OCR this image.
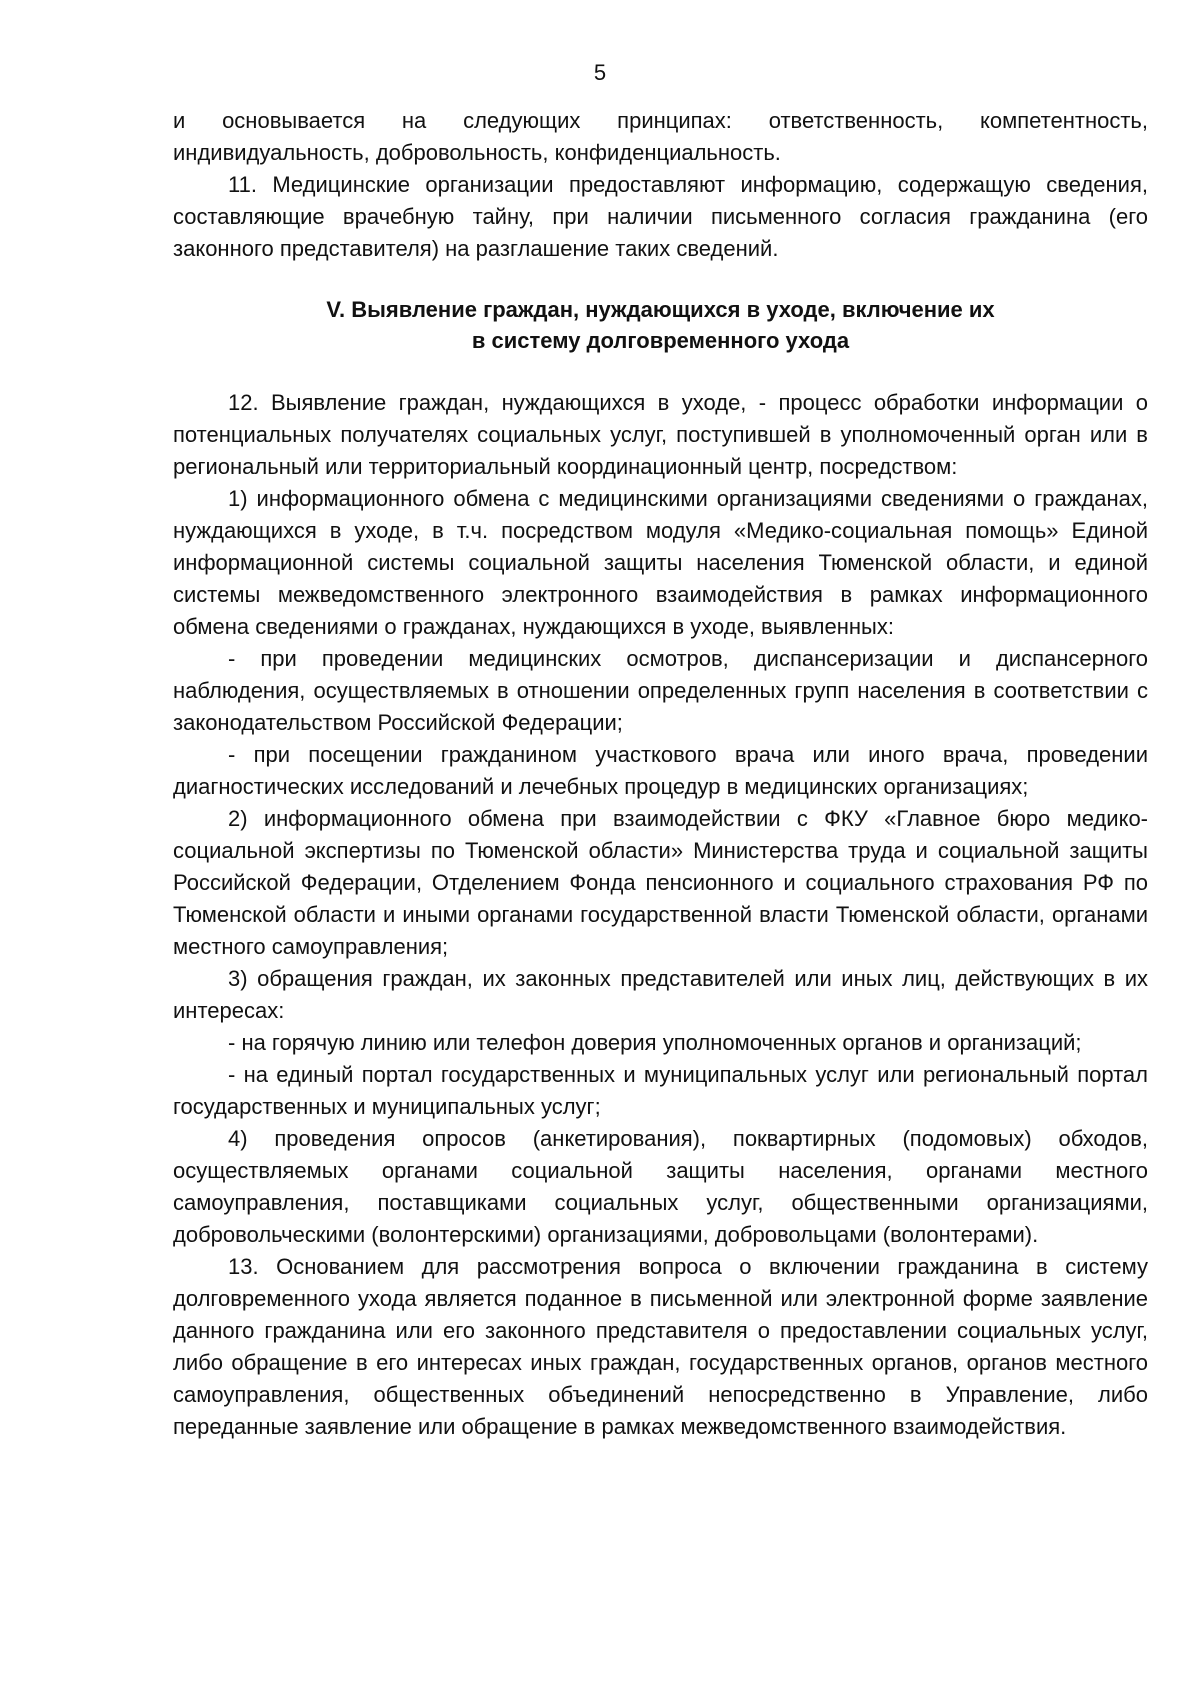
5

и основывается на следующих принципах: ответственность, компетентность, индивидуальность, добровольность, конфиденциальность.

11. Медицинские организации предоставляют информацию, содержащую сведения, составляющие врачебную тайну, при наличии письменного согласия гражданина (его законного представителя) на разглашение таких сведений.

V. Выявление граждан, нуждающихся в уходе, включение их
в систему долговременного ухода

12. Выявление граждан, нуждающихся в уходе, - процесс обработки информации о потенциальных получателях социальных услуг, поступившей в уполномоченный орган или в региональный или территориальный координационный центр, посредством:

1) информационного обмена с медицинскими организациями сведениями о гражданах, нуждающихся в уходе, в т.ч. посредством модуля «Медико-социальная помощь» Единой информационной системы социальной защиты населения Тюменской области, и единой системы межведомственного электронного взаимодействия в рамках информационного обмена сведениями о гражданах, нуждающихся в уходе, выявленных:

- при проведении медицинских осмотров, диспансеризации и диспансерного наблюдения, осуществляемых в отношении определенных групп населения в соответствии с законодательством Российской Федерации;

- при посещении гражданином участкового врача или иного врача, проведении диагностических исследований и лечебных процедур в медицинских организациях;

2) информационного обмена при взаимодействии с ФКУ «Главное бюро медико-социальной экспертизы по Тюменской области» Министерства труда и социальной защиты Российской Федерации, Отделением Фонда пенсионного и социального страхования РФ по Тюменской области и иными органами государственной власти Тюменской области, органами местного самоуправления;

3) обращения граждан, их законных представителей или иных лиц, действующих в их интересах:

- на горячую линию или телефон доверия уполномоченных органов и организаций;

- на единый портал государственных и муниципальных услуг или региональный портал государственных и муниципальных услуг;

4) проведения опросов (анкетирования), поквартирных (подомовых) обходов, осуществляемых органами социальной защиты населения, органами местного самоуправления, поставщиками социальных услуг, общественными организациями, добровольческими (волонтерскими) организациями, добровольцами (волонтерами).

13. Основанием для рассмотрения вопроса о включении гражданина в систему долговременного ухода является поданное в письменной или электронной форме заявление данного гражданина или его законного представителя о предоставлении социальных услуг, либо обращение в его интересах иных граждан, государственных органов, органов местного самоуправления, общественных объединений непосредственно в Управление, либо переданные заявление или обращение в рамках межведомственного взаимодействия.
